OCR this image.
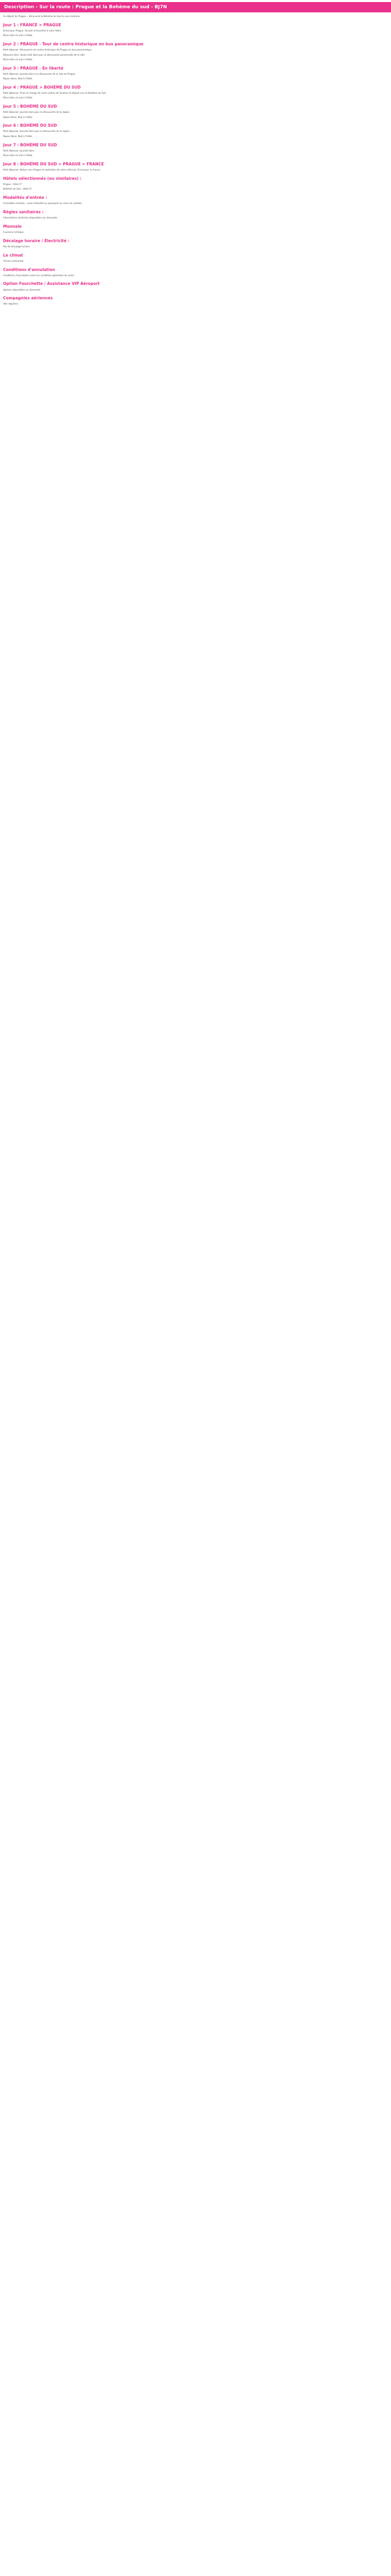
Description - Sur la route : Prague et la Bohème du sud - BJ7N
Au départ de Prague... découvrez la Bohème du Sud en une semaine.
Jour 1 : FRANCE > PRAGUE
Envol pour Prague. Accueil et transfert à votre hôtel.
Dîner libre et nuit à l'hôtel.
Jour 2 : PRAGUE - Tour de centre historique en bus panoramique
Petit déjeuner. Découverte du centre historique de Prague en bus panoramique.
Déjeuner libre. Après-midi libre pour la découverte personnelle de la ville.
Dîner libre et nuit à l'hôtel.
Jour 3 : PRAGUE - En liberté
Petit déjeuner. Journée libre à la découverte de la ville de Prague.
Repas libres. Nuit à l'hôtel.
Jour 4 : PRAGUE > BOHÈME DU SUD
Petit déjeuner. Prise en charge de votre voiture de location et départ vers la Bohème du Sud.
Dîner libre et nuit à l'hôtel.
Jour 5 : BOHÈME DU SUD
Petit déjeuner. Journée libre pour la découverte de la région.
Repas libres. Nuit à l'hôtel.
Jour 6 : BOHÈME DU SUD
Petit déjeuner. Journée libre pour la découverte de la région.
Repas libres. Nuit à l'hôtel.
Jour 7 : BOHÈME DU SUD
Petit déjeuner. Journée libre.
Dîner libre et nuit à l'hôtel.
Jour 8 : BOHÈME DU SUD > PRAGUE > FRANCE
Petit déjeuner. Retour vers Prague et restitution de votre véhicule. Envol pour la France.
Hôtels sélectionnés (ou similaires) :
Prague : hôtel 3*
Bohème du Sud : hôtel 3*
Modalités d'entrée :
Formalités d'entrée : carte d'identité ou passeport en cours de validité.
Règles sanitaires :
Informations sanitaires disponibles sur demande.
Monnaie
Couronne tchèque.
Décalage horaire / Électricité :
Pas de décalage horaire.
Le climat
Climat continental.
Conditions d'annulation
Conditions d'annulation selon les conditions générales de vente.
Option Fourchette / Assistance VIP Aéroport
Options disponibles sur demande.
Compagnies aériennes
Vols réguliers.
